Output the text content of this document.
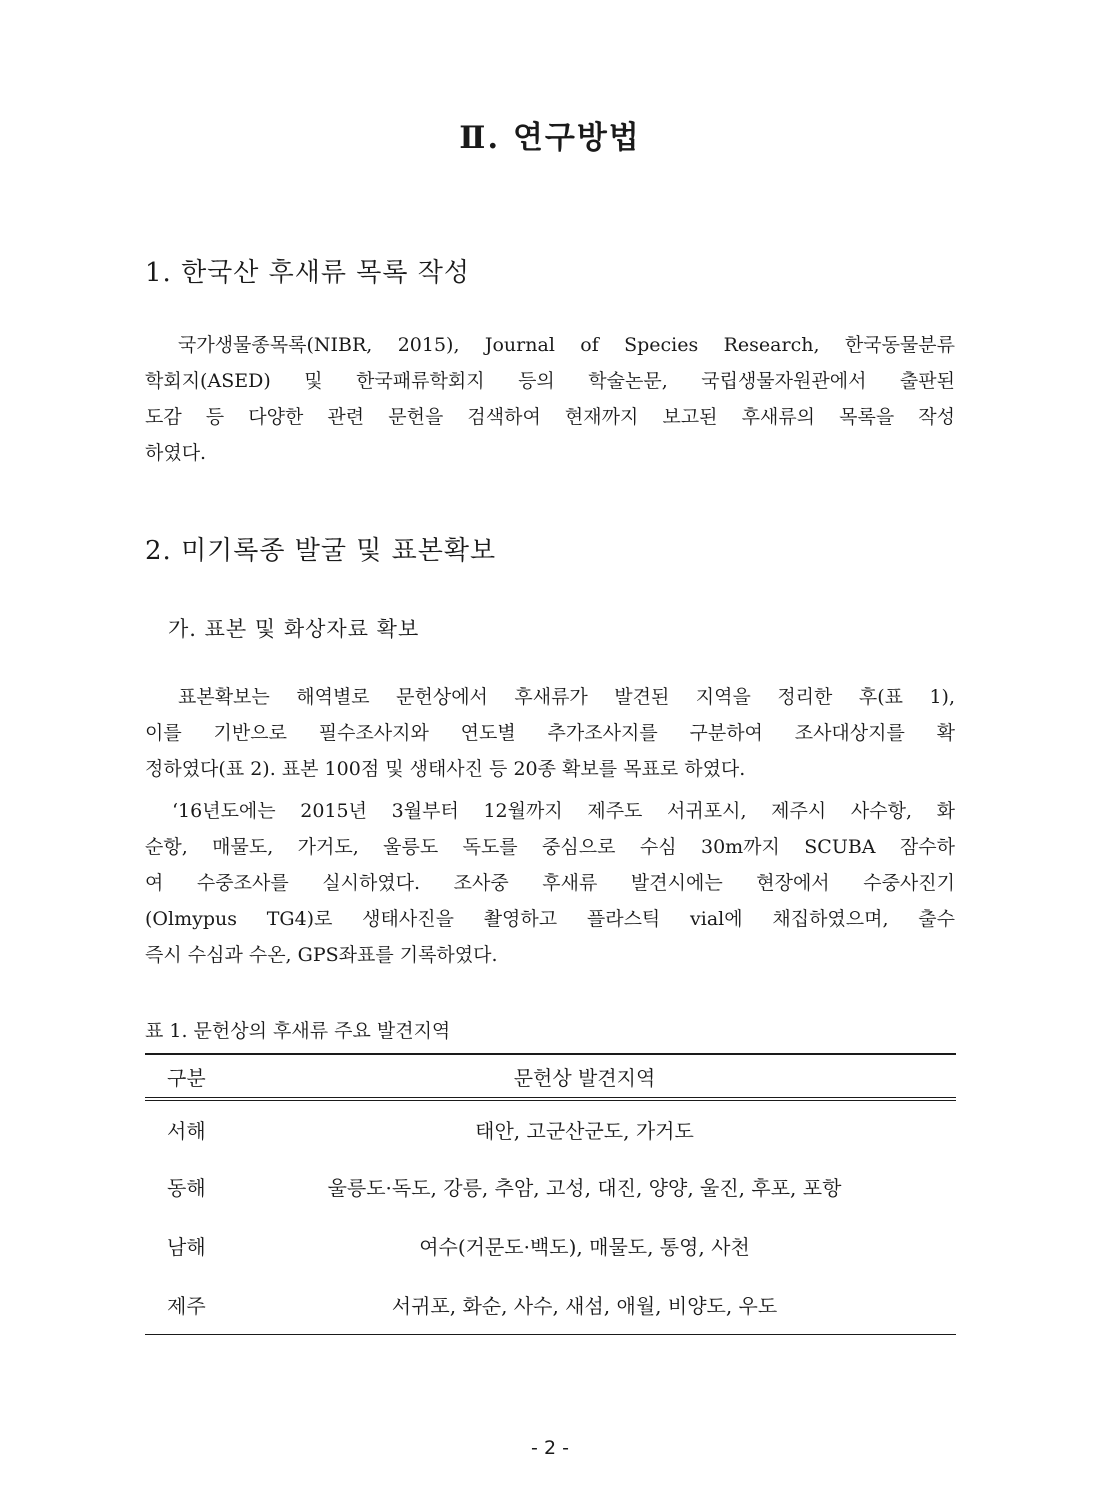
Ⅱ. 연구방법
1. 한국산 후새류 목록 작성
국가생물종목록(NIBR, 2015), Journal of Species Research, 한국동물분류
학회지(ASED) 및 한국패류학회지 등의 학술논문, 국립생물자원관에서 출판된
도감 등 다양한 관련 문헌을 검색하여 현재까지 보고된 후새류의 목록을 작성
하였다.
2. 미기록종 발굴 및 표본확보
가. 표본 및 화상자료 확보
표본확보는 해역별로 문헌상에서 후새류가 발견된 지역을 정리한 후(표 1),
이를 기반으로 필수조사지와 연도별 추가조사지를 구분하여 조사대상지를 확
정하였다(표 2). 표본 100점 및 생태사진 등 20종 확보를 목표로 하였다.
‘16년도에는 2015년 3월부터 12월까지 제주도 서귀포시, 제주시 사수항, 화
순항, 매물도, 가거도, 울릉도 독도를 중심으로 수심 30m까지 SCUBA 잠수하
여 수중조사를 실시하였다. 조사중 후새류 발견시에는 현장에서 수중사진기
(Olmypus TG4)로 생태사진을 촬영하고 플라스틱 vial에 채집하였으며, 출수
즉시 수심과 수온, GPS좌표를 기록하였다.
표 1. 문헌상의 후새류 주요 발견지역
구분	문헌상 발견지역
서해	태안, 고군산군도, 가거도
동해	울릉도·독도, 강릉, 추암, 고성, 대진, 양양, 울진, 후포, 포항
남해	여수(거문도·백도), 매물도, 통영, 사천
제주	서귀포, 화순, 사수, 새섬, 애월, 비양도, 우도
- 2 -
